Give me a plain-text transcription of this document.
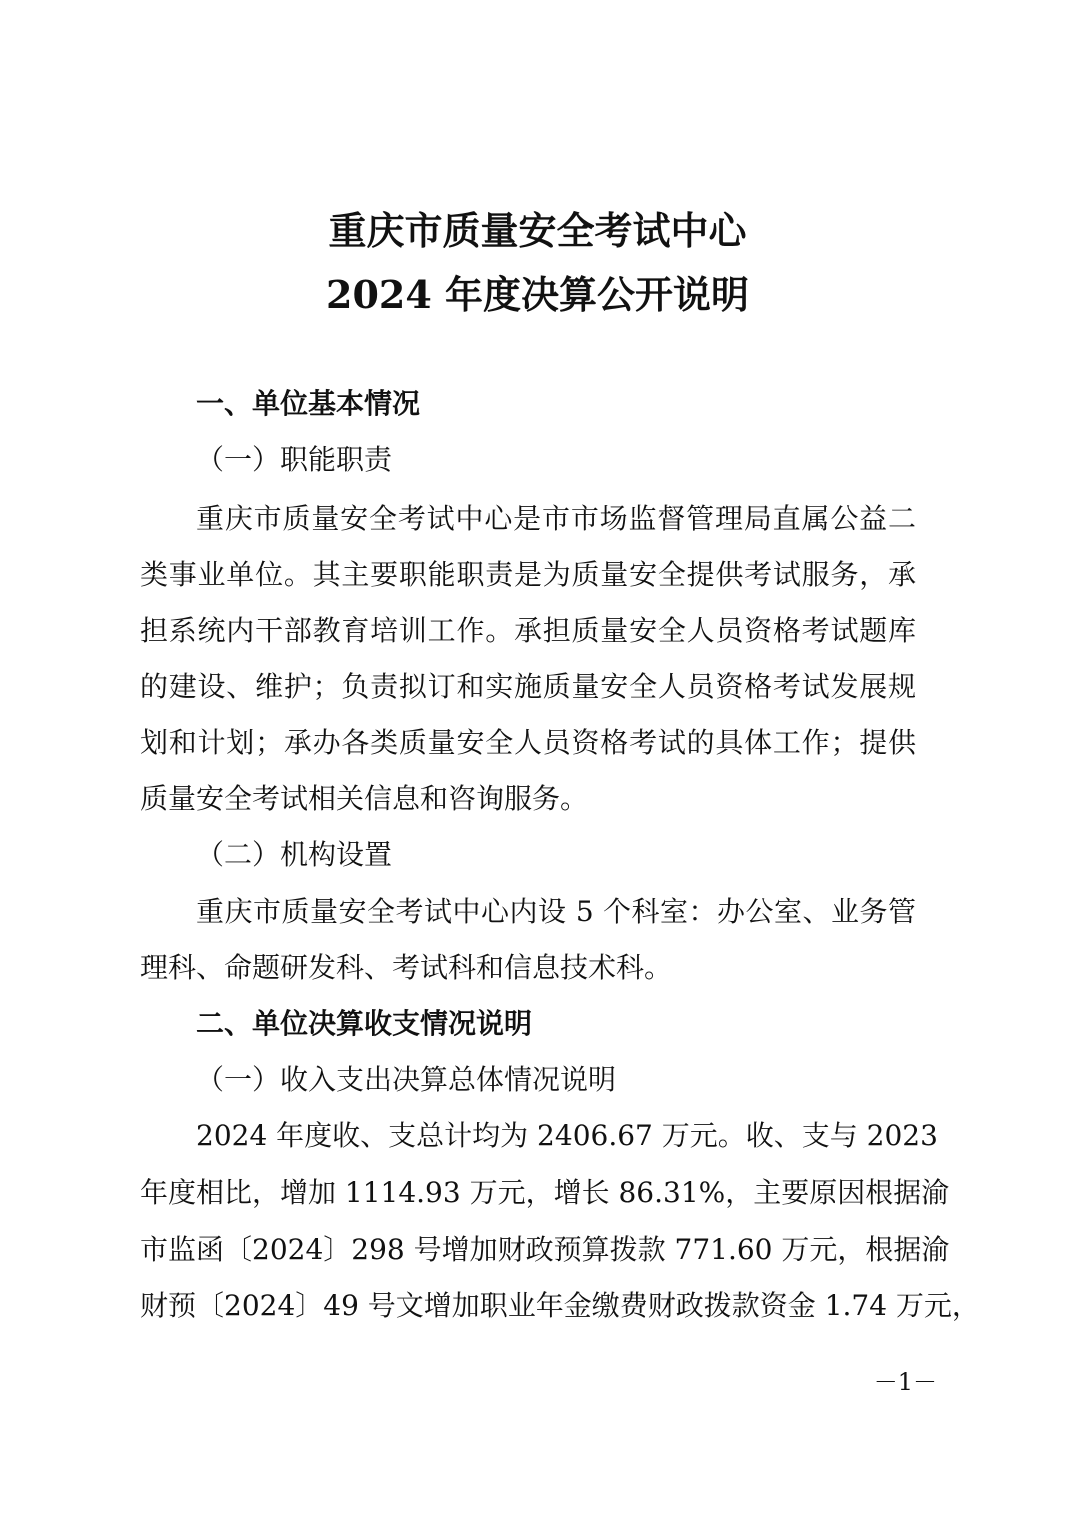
重庆市质量安全考试中心
2024 年度决算公开说明
一、单位基本情况
（一）职能职责
重庆市质量安全考试中心是市市场监督管理局直属公益二
类事业单位。其主要职能职责是为质量安全提供考试服务，承
担系统内干部教育培训工作。承担质量安全人员资格考试题库
的建设、维护；负责拟订和实施质量安全人员资格考试发展规
划和计划；承办各类质量安全人员资格考试的具体工作；提供
质量安全考试相关信息和咨询服务。
（二）机构设置
重庆市质量安全考试中心内设 5 个科室：办公室、业务管
理科、命题研发科、考试科和信息技术科。
二、单位决算收支情况说明
（一）收入支出决算总体情况说明
2024 年度收、支总计均为 2406.67 万元。收、支与 2023
年度相比，增加 1114.93 万元，增长 86.31%，主要原因根据渝
市监函〔2024〕298 号增加财政预算拨款 771.60 万元，根据渝
财预〔2024〕49 号文增加职业年金缴费财政拨款资金 1.74 万元，
－1－
